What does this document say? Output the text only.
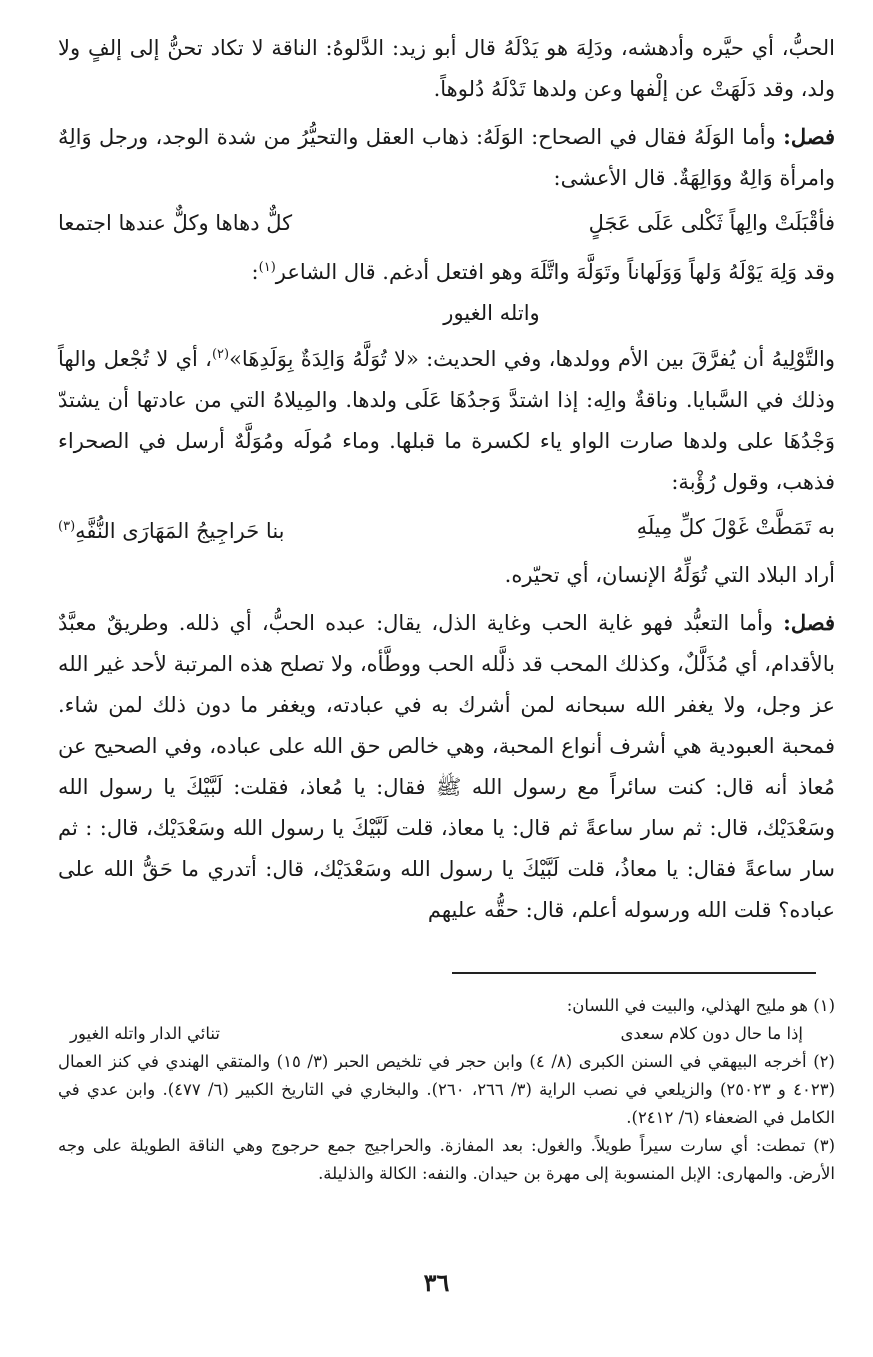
الحبُّ، أي حيَّره وأدهشه، ودَلِهَ هو يَدْلَهُ قال أبو زيد: الدَّلوهُ: الناقة لا تكاد تحنُّ إلى إلفٍ ولا ولد، وقد دَلَهَتْ عن إلْفها وعن ولدها تَدْلَهُ دُلوهاً.

فصل: وأما الوَلَهُ فقال في الصحاح: الوَلَهُ: ذهاب العقل والتحيُّرُ من شدة الوجد، ورجل وَالِهٌ وامرأة وَالِهٌ ووَالِهَةٌ. قال الأعشى:

فأقْبَلَتْ والِهاً ثَكْلى عَلَى عَجَلٍ
كلٌّ دهاها وكلٌّ عندها اجتمعا

وقد وَلِهَ يَوْلَهُ وَلهاً وَوَلَهاناً وتَوَلَّهَ واتَّلَهَ وهو افتعل أدغم. قال الشاعر$^{(١)}$:

واتله الغيور

والتَّوْلِيهُ أن يُفرَّقَ بين الأم وولدها، وفي الحديث: «لا تُوَلَّهُ وَالِدَةٌ بِوَلَدِهَا»$^{(٢)}$، أي لا تُجْعل والهاً وذلك في السَّبايا. وناقةٌ والِه: إذا اشتدَّ وَجدُهَا عَلَى ولدها. والمِيلاهُ التي من عادتها أن يشتدّ وَجْدُهَا على ولدها صارت الواو ياء لكسرة ما قبلها. وماء مُولَه ومُوَلَّهٌ أرسل في الصحراء فذهب، وقول رُؤْبة:

به تَمَطَّتْ غَوْلَ كلِّ مِيلَهِ
بنا حَراجِيجُ المَهَارَى النُّفَّهِ$^{(٣)}$

أراد البلاد التي تُوَلِّهُ الإنسان، أي تحيّره.

فصل: وأما التعبُّد فهو غاية الحب وغاية الذل، يقال: عبده الحبُّ، أي ذلله. وطريقٌ معبَّدٌ بالأقدام، أي مُذَلَّلٌ، وكذلك المحب قد ذلَّله الحب ووطَّأه، ولا تصلح هذه المرتبة لأحد غير الله عز وجل، ولا يغفر الله سبحانه لمن أشرك به في عبادته، ويغفر ما دون ذلك لمن شاء. فمحبة العبودية هي أشرف أنواع المحبة، وهي خالص حق الله على عباده، وفي الصحيح عن مُعاذ أنه قال: كنت سائراً مع رسول الله ﷺ فقال: يا مُعاذ، فقلت: لَبَّيْكَ يا رسول الله وسَعْدَيْك، قال: ثم سار ساعةً ثم قال: يا معاذ، قلت لَبَّيْكَ يا رسول الله وسَعْدَيْك، قال: : ثم سار ساعةً فقال: يا معاذُ، قلت لَبَّيْكَ يا رسول الله وسَعْدَيْك، قال: أتدري ما حَقُّ الله على عباده؟ قلت الله ورسوله أعلم، قال: حقُّه عليهم

(١) هو مليح الهذلي، والبيت في اللسان:

إذا ما حال دون كلام سعدى
تنائي الدار واتله الغيور

(٢) أخرجه البيهقي في السنن الكبرى (٨/ ٤) وابن حجر في تلخيص الحبر (٣/ ١٥) والمتقي الهندي في كنز العمال (٤٠٢٣ و ٢٥٠٢٣) والزيلعي في نصب الراية (٣/ ٢٦٦، ٢٦٠). والبخاري في التاريخ الكبير (٦/ ٤٧٧). وابن عدي في الكامل في الضعفاء (٦/ ٢٤١٢).

(٣) تمطت: أي سارت سيراً طويلاً. والغول: بعد المفازة. والحراجيج جمع حرجوج وهي الناقة الطويلة على وجه الأرض. والمهارى: الإبل المنسوبة إلى مهرة بن حيدان. والنفه: الكالة والذليلة.

٣٦
